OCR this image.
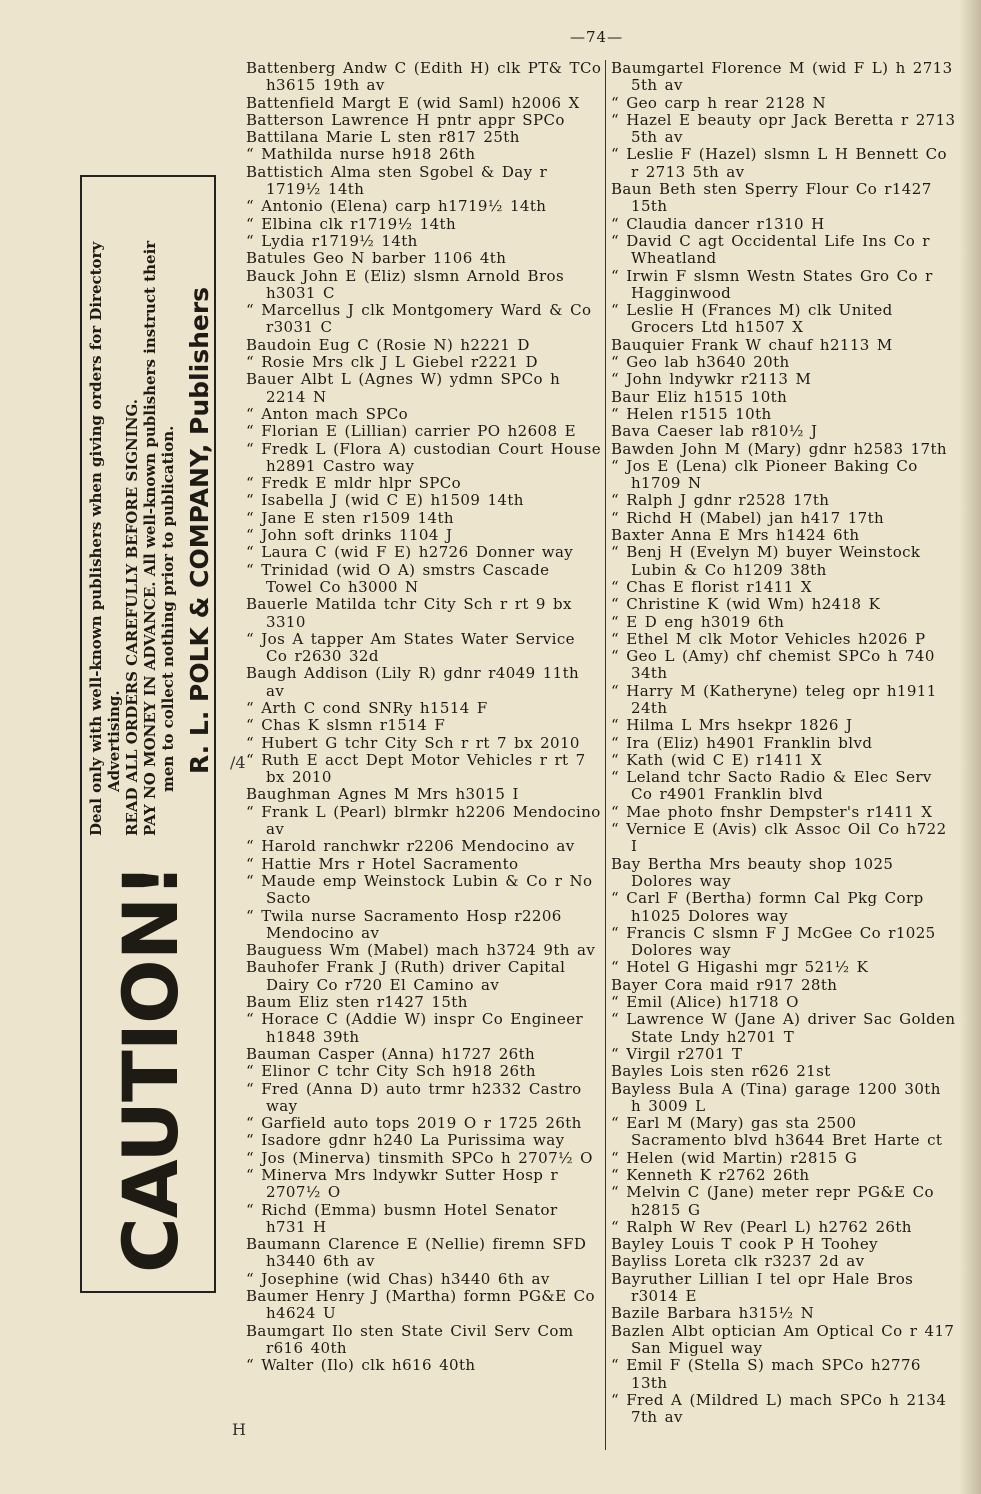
—74—
CAUTION!
Deal only with well-known publishers when giving orders for Directory Advertising. READ ALL ORDERS CAREFULLY BEFORE SIGNING. PAY NO MONEY IN ADVANCE. All well-known publishers instruct their men to collect nothing prior to publication. R. L. POLK & COMPANY, Publishers /4
H
Battenberg Andw C (Edith H) clk PT& TCo h3615 19th av
Battenfield Margt E (wid Saml) h2006 X
Batterson Lawrence H pntr appr SPCo
Battilana Marie L sten r817 25th
“ Mathilda nurse h918 26th
Battistich Alma sten Sgobel & Day r 1719½ 14th
“ Antonio (Elena) carp h1719½ 14th
“ Elbina clk r1719½ 14th
“ Lydia r1719½ 14th
Batules Geo N barber 1106 4th
Bauck John E (Eliz) slsmn Arnold Bros h3031 C
“ Marcellus J clk Montgomery Ward & Co r3031 C
Baudoin Eug C (Rosie N) h2221 D
“ Rosie Mrs clk J L Giebel r2221 D
Bauer Albt L (Agnes W) ydmn SPCo h 2214 N
“ Anton mach SPCo
“ Florian E (Lillian) carrier PO h2608 E
“ Fredk L (Flora A) custodian Court House h2891 Castro way
“ Fredk E mldr hlpr SPCo
“ Isabella J (wid C E) h1509 14th
“ Jane E sten r1509 14th
“ John soft drinks 1104 J
“ Laura C (wid F E) h2726 Donner way
“ Trinidad (wid O A) smstrs Cascade Towel Co h3000 N
Bauerle Matilda tchr City Sch r rt 9 bx 3310
“ Jos A tapper Am States Water Service Co r2630 32d
Baugh Addison (Lily R) gdnr r4049 11th av
“ Arth C cond SNRy h1514 F
“ Chas K slsmn r1514 F
“ Hubert G tchr City Sch r rt 7 bx 2010
“ Ruth E acct Dept Motor Vehicles r rt 7 bx 2010
Baughman Agnes M Mrs h3015 I
“ Frank L (Pearl) blrmkr h2206 Mendocino av
“ Harold ranchwkr r2206 Mendocino av
“ Hattie Mrs r Hotel Sacramento
“ Maude emp Weinstock Lubin & Co r No Sacto
“ Twila nurse Sacramento Hosp r2206 Mendocino av
Bauguess Wm (Mabel) mach h3724 9th av
Bauhofer Frank J (Ruth) driver Capital Dairy Co r720 El Camino av
Baum Eliz sten r1427 15th
“ Horace C (Addie W) inspr Co Engineer h1848 39th
Bauman Casper (Anna) h1727 26th
“ Elinor C tchr City Sch h918 26th
“ Fred (Anna D) auto trmr h2332 Castro way
“ Garfield auto tops 2019 O r 1725 26th
“ Isadore gdnr h240 La Purissima way
“ Jos (Minerva) tinsmith SPCo h 2707½ O
“ Minerva Mrs lndywkr Sutter Hosp r 2707½ O
“ Richd (Emma) busmn Hotel Senator h731 H
Baumann Clarence E (Nellie) firemn SFD h3440 6th av
“ Josephine (wid Chas) h3440 6th av
Baumer Henry J (Martha) formn PG&E Co h4624 U
Baumgart Ilo sten State Civil Serv Com r616 40th
“ Walter (Ilo) clk h616 40th
Baumgartel Florence M (wid F L) h 2713 5th av
“ Geo carp h rear 2128 N
“ Hazel E beauty opr Jack Beretta r 2713 5th av
“ Leslie F (Hazel) slsmn L H Bennett Co r 2713 5th av
Baun Beth sten Sperry Flour Co r1427 15th
“ Claudia dancer r1310 H
“ David C agt Occidental Life Ins Co r Wheatland
“ Irwin F slsmn Westn States Gro Co r Hagginwood
“ Leslie H (Frances M) clk United Grocers Ltd h1507 X
Bauquier Frank W chauf h2113 M
“ Geo lab h3640 20th
“ John lndywkr r2113 M
Baur Eliz h1515 10th
“ Helen r1515 10th
Bava Caeser lab r810½ J
Bawden John M (Mary) gdnr h2583 17th
“ Jos E (Lena) clk Pioneer Baking Co h1709 N
“ Ralph J gdnr r2528 17th
“ Richd H (Mabel) jan h417 17th
Baxter Anna E Mrs h1424 6th
“ Benj H (Evelyn M) buyer Weinstock Lubin & Co h1209 38th
“ Chas E florist r1411 X
“ Christine K (wid Wm) h2418 K
“ E D eng h3019 6th
“ Ethel M clk Motor Vehicles h2026 P
“ Geo L (Amy) chf chemist SPCo h 740 34th
“ Harry M (Katheryne) teleg opr h1911 24th
“ Hilma L Mrs hsekpr 1826 J
“ Ira (Eliz) h4901 Franklin blvd
“ Kath (wid C E) r1411 X
“ Leland tchr Sacto Radio & Elec Serv Co r4901 Franklin blvd
“ Mae photo fnshr Dempster's r1411 X
“ Vernice E (Avis) clk Assoc Oil Co h722 I
Bay Bertha Mrs beauty shop 1025 Dolores way
“ Carl F (Bertha) formn Cal Pkg Corp h1025 Dolores way
“ Francis C slsmn F J McGee Co r1025 Dolores way
“ Hotel G Higashi mgr 521½ K
Bayer Cora maid r917 28th
“ Emil (Alice) h1718 O
“ Lawrence W (Jane A) driver Sac Golden State Lndy h2701 T
“ Virgil r2701 T
Bayles Lois sten r626 21st
Bayless Bula A (Tina) garage 1200 30th h 3009 L
“ Earl M (Mary) gas sta 2500 Sacramento blvd h3644 Bret Harte ct
“ Helen (wid Martin) r2815 G
“ Kenneth K r2762 26th
“ Melvin C (Jane) meter repr PG&E Co h2815 G
“ Ralph W Rev (Pearl L) h2762 26th
Bayley Louis T cook P H Toohey
Bayliss Loreta clk r3237 2d av
Bayruther Lillian I tel opr Hale Bros r3014 E
Bazile Barbara h315½ N
Bazlen Albt optician Am Optical Co r 417 San Miguel way
“ Emil F (Stella S) mach SPCo h2776 13th
“ Fred A (Mildred L) mach SPCo h 2134 7th av
